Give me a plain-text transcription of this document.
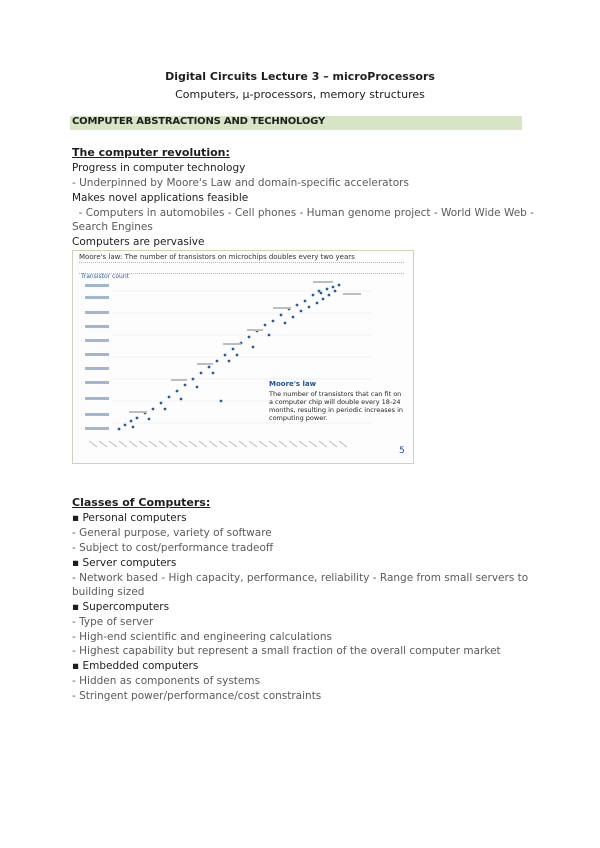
Digital Circuits Lecture 3 – microProcessors
Computers, µ-processors, memory structures
COMPUTER ABSTRACTIONS AND TECHNOLOGY
The computer revolution:
Progress in computer technology
- Underpinned by Moore's Law and domain-specific accelerators
Makes novel applications feasible
- Computers in automobiles - Cell phones - Human genome project - World Wide Web -
Search Engines
Computers are pervasive
Moore's law: The number of transistors on microchips doubles every two years
Transistor count
Moore's law
The number of transistors that can fit on a computer chip will double every 18-24 months, resulting in periodic increases in computing power.
5
Classes of Computers:
▪ Personal computers
- General purpose, variety of software
- Subject to cost/performance tradeoff
▪ Server computers
- Network based - High capacity, performance, reliability - Range from small servers to
building sized
▪ Supercomputers
- Type of server
- High-end scientific and engineering calculations
- Highest capability but represent a small fraction of the overall computer market
▪ Embedded computers
- Hidden as components of systems
- Stringent power/performance/cost constraints
